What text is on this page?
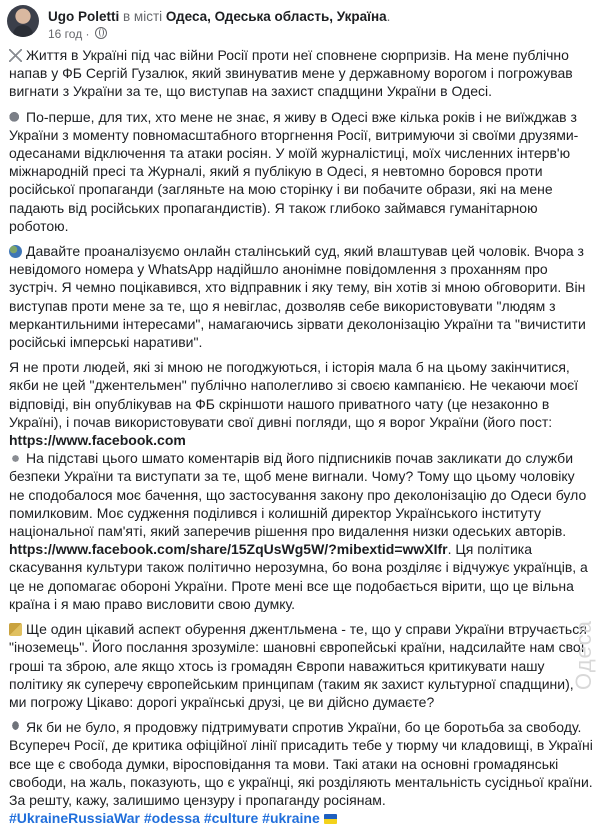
Ugo Poletti в місті Одеса, Одеська область, Україна.
16 год ·

Життя в Україні під час війни Росії проти неї сповнене сюрпризів. На мене публічно напав у ФБ Сергій Гузалюк, який звинуватив мене у державному ворогом і погрожував вигнати з України за те, що виступав на захист спадщини України в Одесі.

По-перше, для тих, хто мене не знає, я живу в Одесі вже кілька років і не виїжджав з України з моменту повномасштабного вторгнення Росії, витримуючи зі своїми друзями-одесанами відключення та атаки росіян. У моїй журналістиці, моїх численних інтерв'ю міжнародній пресі та Журналі, який я публікую в Одесі, я невтомно боровся проти російської пропаганди (загляньте на мою сторінку і ви побачите образи, які на мене падають від російських пропагандистів). Я також глибоко займався гуманітарною роботою.

Давайте проаналізуємо онлайн сталінський суд, який влаштував цей чоловік. Вчора з невідомого номера у WhatsApp надійшло анонімне повідомлення з проханням про зустріч. Я чемно поцікавився, хто відправник і яку тему, він хотів зі мною обговорити. Він виступав проти мене за те, що я невіглас, дозволяв себе використовувати "людям з меркантильними інтересами", намагаючись зірвати деколонізацію України та "вичистити російські імперські наративи".

Я не проти людей, які зі мною не погоджуються, і історія мала б на цьому закінчитися, якби не цей "джентельмен" публічно наполегливо зі своєю кампанією. Не чекаючи моєї відповіді, він опублікував на ФБ скріншоти нашого приватного чату (це незаконно в Україні), і почав використовувати свої дивні погляди, що я ворог України (його пост:
https://www.facebook.com

На підставі цього шмато коментарів від його підписників почав закликати до служби безпеки України та виступати за те, щоб мене вигнали. Чому? Тому що цьому чоловіку не сподобалося моє бачення, що застосування закону про деколонізацію до Одеси було помилковим. Моє судження поділився і колишній директор Українського інституту національної пам'яті, який заперечив рішення про видалення низки одеських авторів. https://www.facebook.com/share/15ZqUsWg5W/?mibextid=wwXIfr. Ця політика скасування культури також політично нерозумна, бо вона розділяє і відчужує українців, а це не допомагає обороні України. Проте мені все ще подобається вірити, що це вільна країна і я маю право висловити свою думку.

Ще один цікавий аспект обурення джентльмена - те, що у справи України втручається "іноземець". Його послання зрозуміле: шановні європейські країни, надсилайте нам свої гроші та зброю, але якщо хтось із громадян Європи наважиться критикувати нашу політику як суперечу європейським принципам (таким як захист культурної спадщини), ми погрожу Цікаво: дорогі українські друзі, це ви дійсно думаєте?

Як би не було, я продовжу підтримувати спротив України, бо це боротьба за свободу. Всупереч Росії, де критика офіційної лінії присадить тебе у тюрму чи кладовищі, в Україні все ще є свобода думки, віросповідання та мови. Такі атаки на основні громадянські свободи, на жаль, показують, що є українці, які розділяють ментальність сусідньої країни. За решту, кажу, залишимо цензуру і пропаганду росіянам.

#UkraineRussiaWar #odessa #culture #ukraine

Одеса
